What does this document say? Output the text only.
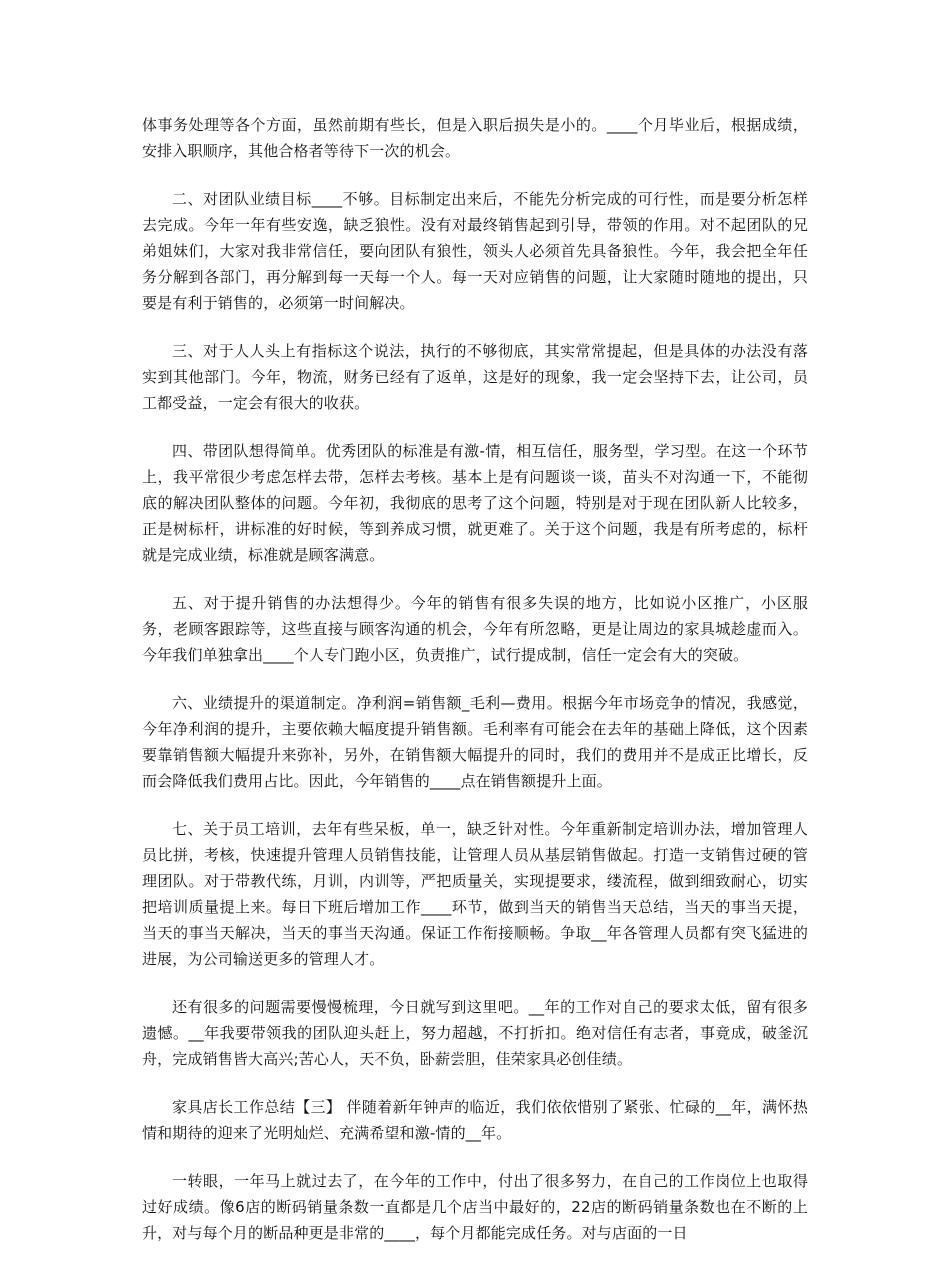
体事务处理等各个方面，虽然前期有些长，但是入职后损失是小的。____个月毕业后，根据成绩，安排入职顺序，其他合格者等待下一次的机会。

二、对团队业绩目标____不够。目标制定出来后，不能先分析完成的可行性，而是要分析怎样去完成。今年一年有些安逸，缺乏狼性。没有对最终销售起到引导，带领的作用。对不起团队的兄弟姐妹们，大家对我非常信任，要向团队有狼性，领头人必须首先具备狼性。今年，我会把全年任务分解到各部门，再分解到每一天每一个人。每一天对应销售的问题，让大家随时随地的提出，只要是有利于销售的，必须第一时间解决。

三、对于人人头上有指标这个说法，执行的不够彻底，其实常常提起，但是具体的办法没有落实到其他部门。今年，物流，财务已经有了返单，这是好的现象，我一定会坚持下去，让公司，员工都受益，一定会有很大的收获。

四、带团队想得简单。优秀团队的标准是有激-情，相互信任，服务型，学习型。在这一个环节上，我平常很少考虑怎样去带，怎样去考核。基本上是有问题谈一谈，苗头不对沟通一下，不能彻底的解决团队整体的问题。今年初，我彻底的思考了这个问题，特别是对于现在团队新人比较多，正是树标杆，讲标准的好时候，等到养成习惯，就更难了。关于这个问题，我是有所考虑的，标杆就是完成业绩，标准就是顾客满意。

五、对于提升销售的办法想得少。今年的销售有很多失误的地方，比如说小区推广，小区服务，老顾客跟踪等，这些直接与顾客沟通的机会，今年有所忽略，更是让周边的家具城趁虚而入。今年我们单独拿出____个人专门跑小区，负责推广，试行提成制，信任一定会有大的突破。

六、业绩提升的渠道制定。净利润=销售额_毛利—费用。根据今年市场竞争的情况，我感觉，今年净利润的提升，主要依赖大幅度提升销售额。毛利率有可能会在去年的基础上降低，这个因素要靠销售额大幅提升来弥补，另外，在销售额大幅提升的同时，我们的费用并不是成正比增长，反而会降低我们费用占比。因此，今年销售的____点在销售额提升上面。

七、关于员工培训，去年有些呆板，单一，缺乏针对性。今年重新制定培训办法，增加管理人员比拼，考核，快速提升管理人员销售技能，让管理人员从基层销售做起。打造一支销售过硬的管理团队。对于带教代练，月训，内训等，严把质量关，实现提要求，缕流程，做到细致耐心，切实把培训质量提上来。每日下班后增加工作____环节，做到当天的销售当天总结，当天的事当天提，当天的事当天解决，当天的事当天沟通。保证工作衔接顺畅。争取__年各管理人员都有突飞猛进的进展，为公司输送更多的管理人才。

还有很多的问题需要慢慢梳理，今日就写到这里吧。__年的工作对自己的要求太低，留有很多遗憾。__年我要带领我的团队迎头赶上，努力超越，不打折扣。绝对信任有志者，事竟成，破釜沉舟，完成销售皆大高兴;苦心人，天不负，卧薪尝胆，佳荣家具必创佳绩。

家具店长工作总结【三】 伴随着新年钟声的临近，我们依依惜别了紧张、忙碌的__年，满怀热情和期待的迎来了光明灿烂、充满希望和激-情的__年。

一转眼，一年马上就过去了，在今年的工作中，付出了很多努力，在自己的工作岗位上也取得过好成绩。像6店的断码销量条数一直都是几个店当中最好的，22店的断码销量条数也在不断的上升，对与每个月的断品种更是非常的____，每个月都能完成任务。对与店面的一日
